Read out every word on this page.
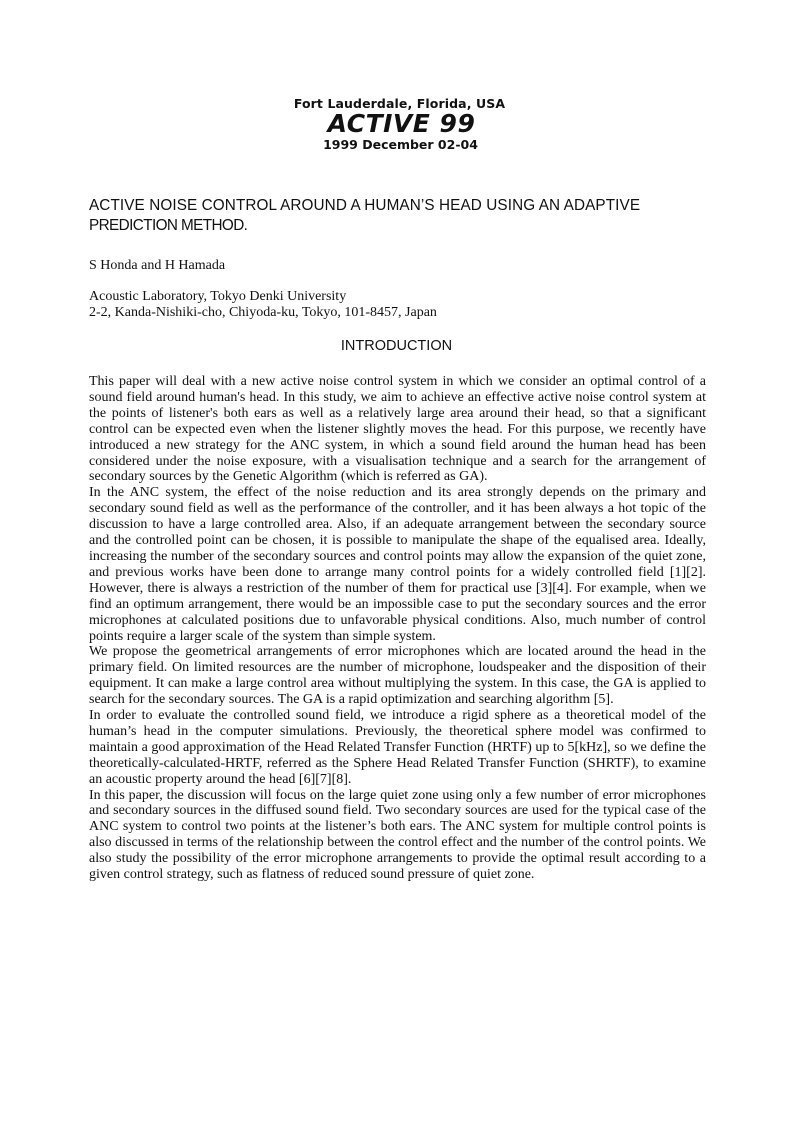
Fort Lauderdale, Florida, USA
ACTIVE 99
1999 December 02-04
ACTIVE NOISE CONTROL AROUND A HUMAN’S HEAD USING AN ADAPTIVE
PREDICTION METHOD.
S Honda and H Hamada
Acoustic Laboratory, Tokyo Denki University
2-2, Kanda-Nishiki-cho, Chiyoda-ku, Tokyo, 101-8457, Japan
INTRODUCTION

This paper will deal with a new active noise control system in which we consider an optimal control of a sound field around human's head. In this study, we aim to achieve an effective active noise control system at the points of listener's both ears as well as a relatively large area around their head, so that a significant control can be expected even when the listener slightly moves the head. For this purpose, we recently have introduced a new strategy for the ANC system, in which a sound field around the human head has been considered under the noise exposure, with a visualisation technique and a search for the arrangement of secondary sources by the Genetic Algorithm (which is referred as GA).

In the ANC system, the effect of the noise reduction and its area strongly depends on the primary and secondary sound field as well as the performance of the controller, and it has been always a hot topic of the discussion to have a large controlled area. Also, if an adequate arrangement between the secondary source and the controlled point can be chosen, it is possible to manipulate the shape of the equalised area. Ideally, increasing the number of the secondary sources and control points may allow the expansion of the quiet zone, and previous works have been done to arrange many control points for a widely controlled field [1][2]. However, there is always a restriction of the number of them for practical use [3][4]. For example, when we find an optimum arrangement, there would be an impossible case to put the secondary sources and the error microphones at calculated positions due to unfavorable physical conditions. Also, much number of control points require a larger scale of the system than simple system.

We propose the geometrical arrangements of error microphones which are located around the head in the primary field. On limited resources are the number of microphone, loudspeaker and the disposition of their equipment. It can make a large control area without multiplying the system. In this case, the GA is applied to search for the secondary sources. The GA is a rapid optimization and searching algorithm [5].

In order to evaluate the controlled sound field, we introduce a rigid sphere as a theoretical model of the human’s head in the computer simulations. Previously, the theoretical sphere model was confirmed to maintain a good approximation of the Head Related Transfer Function (HRTF) up to 5[kHz], so we define the theoretically-calculated-HRTF, referred as the Sphere Head Related Transfer Function (SHRTF), to examine an acoustic property around the head [6][7][8].

In this paper, the discussion will focus on the large quiet zone using only a few number of error microphones and secondary sources in the diffused sound field. Two secondary sources are used for the typical case of the ANC system to control two points at the listener’s both ears. The ANC system for multiple control points is also discussed in terms of the relationship between the control effect and the number of the control points. We also study the possibility of the error microphone arrangements to provide the optimal result according to a given control strategy, such as flatness of reduced sound pressure of quiet zone.
